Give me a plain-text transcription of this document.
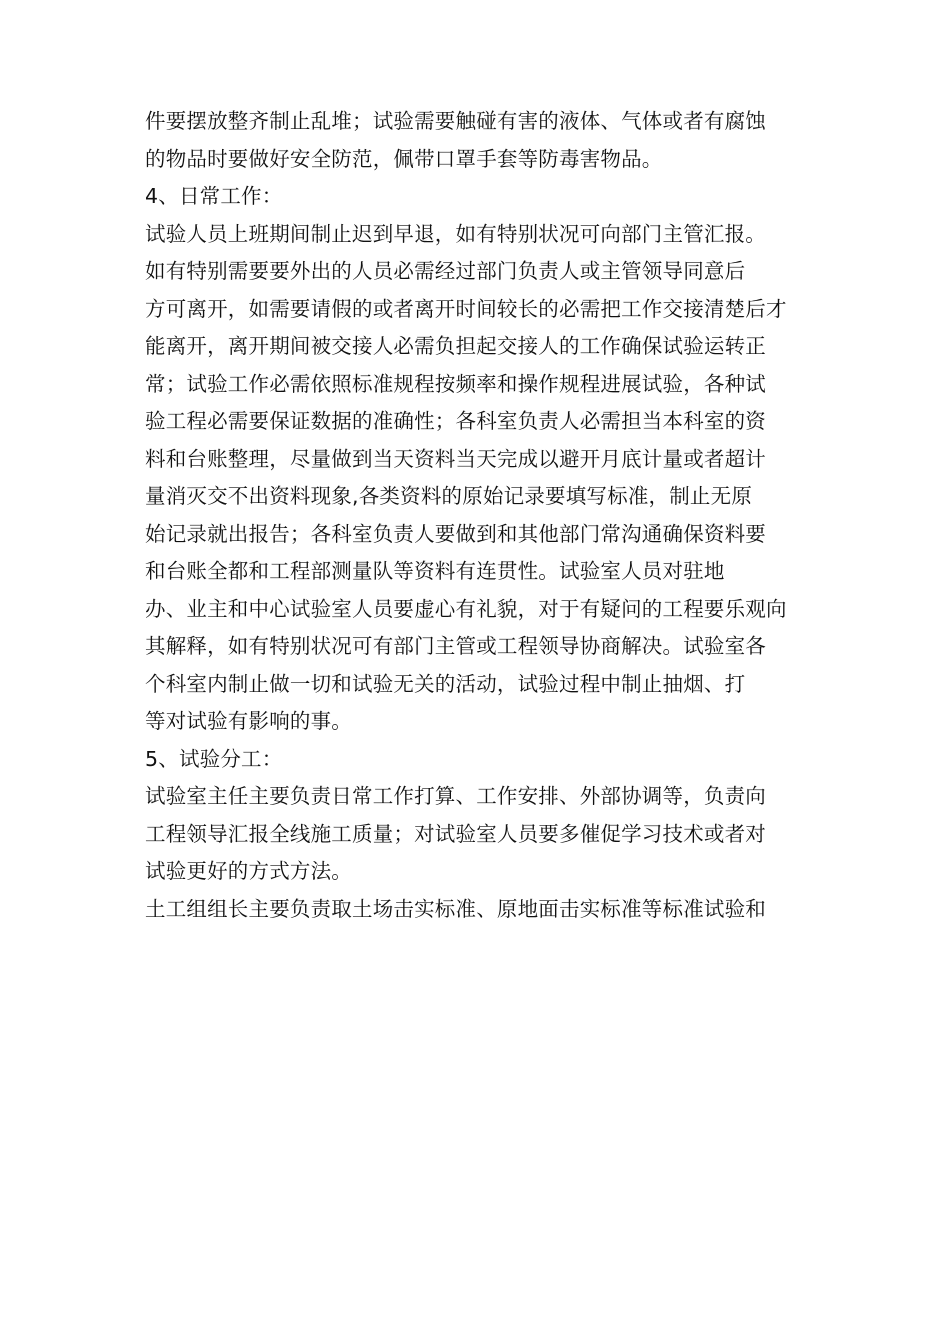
件要摆放整齐制止乱堆；试验需要触碰有害的液体、气体或者有腐蚀
的物品时要做好安全防范，佩带口罩手套等防毒害物品。
4、日常工作：
试验人员上班期间制止迟到早退，如有特别状况可向部门主管汇报。
如有特别需要要外出的人员必需经过部门负责人或主管领导同意后
方可离开，如需要请假的或者离开时间较长的必需把工作交接清楚后才
能离开，离开期间被交接人必需负担起交接人的工作确保试验运转正
常；试验工作必需依照标准规程按频率和操作规程进展试验，各种试
验工程必需要保证数据的准确性；各科室负责人必需担当本科室的资
料和台账整理，尽量做到当天资料当天完成以避开月底计量或者超计
量消灭交不出资料现象,各类资料的原始记录要填写标准，制止无原
始记录就出报告；各科室负责人要做到和其他部门常沟通确保资料要
和台账全都和工程部测量队等资料有连贯性。试验室人员对驻地
办、业主和中心试验室人员要虚心有礼貌，对于有疑问的工程要乐观向
其解释，如有特别状况可有部门主管或工程领导协商解决。试验室各
个科室内制止做一切和试验无关的活动，试验过程中制止抽烟、打
等对试验有影响的事。
5、试验分工：
试验室主任主要负责日常工作打算、工作安排、外部协调等，负责向
工程领导汇报全线施工质量；对试验室人员要多催促学习技术或者对
试验更好的方式方法。
土工组组长主要负责取土场击实标准、原地面击实标准等标准试验和
